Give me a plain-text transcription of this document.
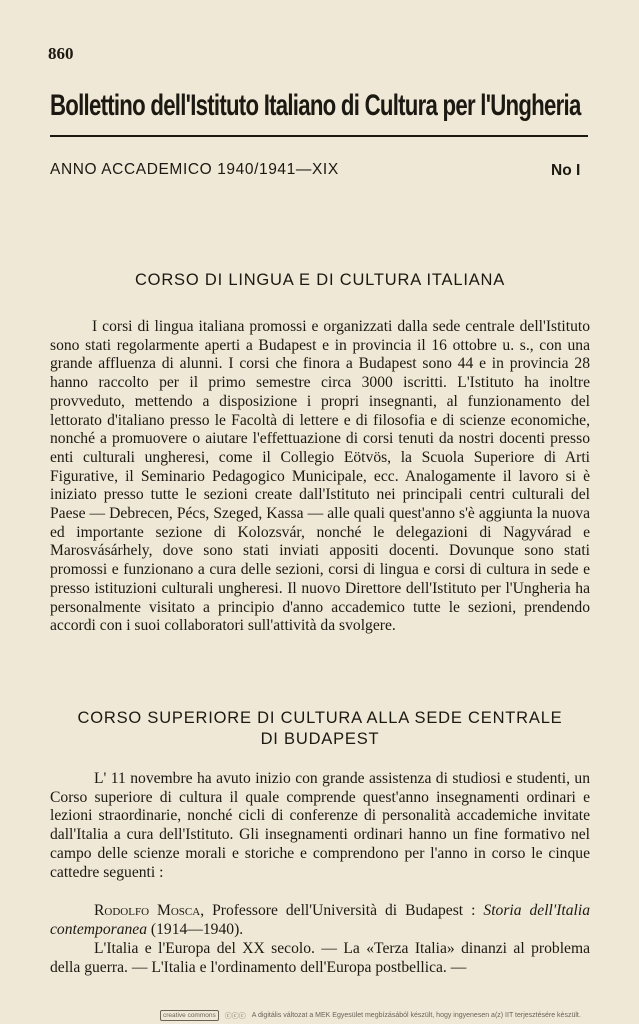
860
Bollettino dell'Istituto Italiano di Cultura per l'Ungheria
ANNO ACCADEMICO 1940/1941—XIX	No I
CORSO DI LINGUA E DI CULTURA ITALIANA

I corsi di lingua italiana promossi e organizzati dalla sede centrale dell'Istituto sono stati regolarmente aperti a Budapest e in provincia il 16 ottobre u. s., con una grande affluenza di alunni. I corsi che finora a Budapest sono 44 e in provincia 28 hanno raccolto per il primo semestre circa 3000 iscritti. L'Istituto ha inoltre provveduto, mettendo a disposizione i propri insegnanti, al funzionamento del lettorato d'italiano presso le Facoltà di lettere e di filosofia e di scienze economiche, nonché a promuovere o aiutare l'effettuazione di corsi tenuti da nostri docenti presso enti culturali ungheresi, come il Collegio Eötvös, la Scuola Superiore di Arti Figurative, il Seminario Pedagogico Municipale, ecc. Analogamente il lavoro si è iniziato presso tutte le sezioni create dall'Istituto nei principali centri culturali del Paese — Debrecen, Pécs, Szeged, Kassa — alle quali quest'anno s'è aggiunta la nuova ed importante sezione di Kolozsvár, nonché le delegazioni di Nagyvárad e Marosvásárhely, dove sono stati inviati appositi docenti. Dovunque sono stati promossi e funzionano a cura delle sezioni, corsi di lingua e corsi di cultura in sede e presso istituzioni culturali ungheresi. Il nuovo Direttore dell'Istituto per l'Ungheria ha personalmente visitato a principio d'anno accademico tutte le sezioni, prendendo accordi con i suoi collaboratori sull'attività da svolgere.

CORSO SUPERIORE DI CULTURA ALLA SEDE CENTRALE
DI BUDAPEST

L' 11 novembre ha avuto inizio con grande assistenza di studiosi e studenti, un Corso superiore di cultura il quale comprende quest'anno insegnamenti ordinari e lezioni straordinarie, nonché cicli di conferenze di personalità accademiche invitate dall'Italia a cura dell'Istituto. Gli insegnamenti ordinari hanno un fine formativo nel campo delle scienze morali e storiche e comprendono per l'anno in corso le cinque cattedre seguenti :

Rodolfo Mosca, Professore dell'Università di Budapest : Storia dell'Italia contemporanea (1914—1940).

L'Italia e l'Europa del XX secolo. — La «Terza Italia» dinanzi al problema della guerra. — L'Italia e l'ordinamento dell'Europa postbellica. —

creative commons	ⓒⓒⓒ A digitális változat a MEK Egyesület megbízásából készült, hogy ingyenesen a(z) IIT terjesztésére készült.
